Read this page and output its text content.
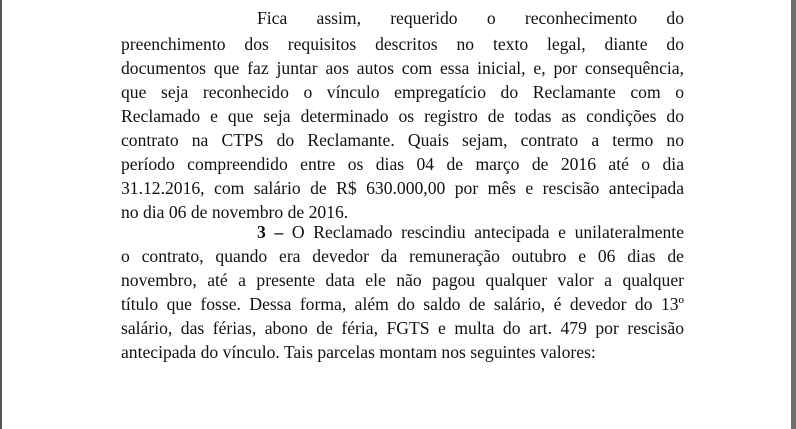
Fica assim, requerido o reconhecimento do
preenchimento dos requisitos descritos no texto legal, diante do
documentos que faz juntar aos autos com essa inicial, e, por consequência,
que seja reconhecido o vínculo empregatício do Reclamante com o
Reclamado e que seja determinado os registro de todas as condições do
contrato na CTPS do Reclamante. Quais sejam, contrato a termo no
período compreendido entre os dias 04 de março de 2016 até o dia
31.12.2016, com salário de R$ 630.000,00 por mês e rescisão antecipada
no dia 06 de novembro de 2016.
3 – O Reclamado rescindiu antecipada e unilateralmente
o contrato, quando era devedor da remuneração outubro e 06 dias de
novembro, até a presente data ele não pagou qualquer valor a qualquer
título que fosse. Dessa forma, além do saldo de salário, é devedor do 13º
salário, das férias, abono de féria, FGTS e multa do art. 479 por rescisão
antecipada do vínculo. Tais parcelas montam nos seguintes valores:
